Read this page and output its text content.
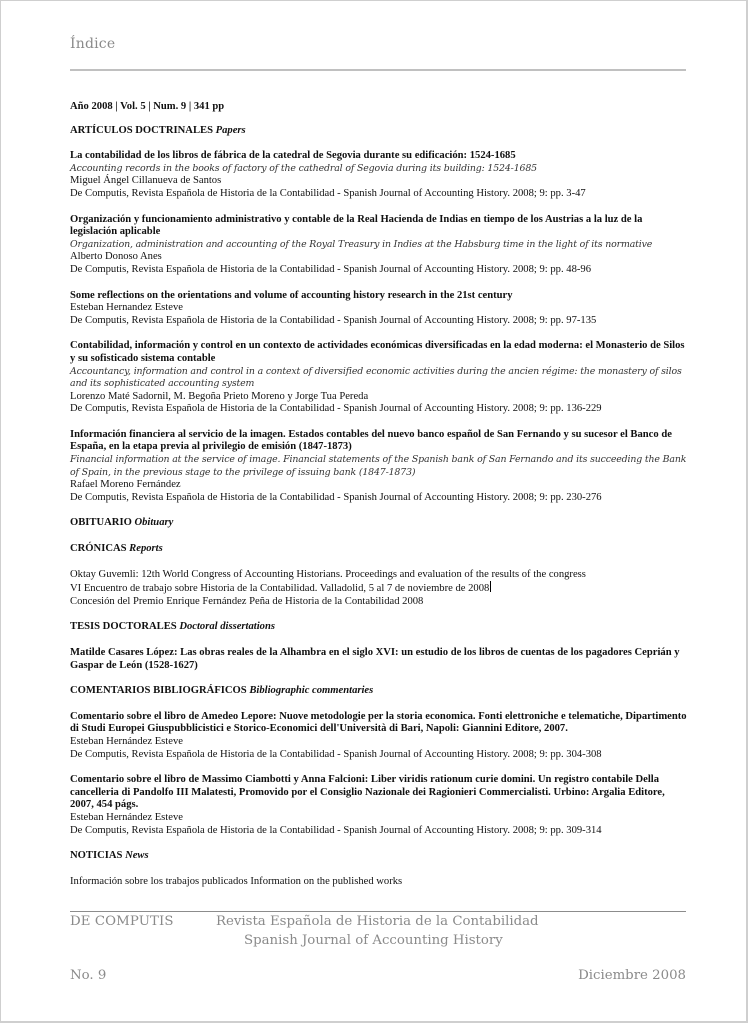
Índice
Año 2008 | Vol. 5 | Num. 9 | 341 pp
ARTÍCULOS DOCTRINALES Papers
La contabilidad de los libros de fábrica de la catedral de Segovia durante su edificación: 1524-1685
Accounting records in the books of factory of the cathedral of Segovia during its building: 1524-1685
Miguel Ángel Cillanueva de Santos
De Computis, Revista Española de Historia de la Contabilidad - Spanish Journal of Accounting History. 2008; 9: pp. 3-47
Organización y funcionamiento administrativo y contable de la Real Hacienda de Indias en tiempo de los Austrias a la luz de la legislación aplicable
Organization, administration and accounting of the Royal Treasury in Indies at the Habsburg time in the light of its normative
Alberto Donoso Anes
De Computis, Revista Española de Historia de la Contabilidad - Spanish Journal of Accounting History. 2008; 9: pp. 48-96
Some reflections on the orientations and volume of accounting history research in the 21st century
Esteban Hernandez Esteve
De Computis, Revista Española de Historia de la Contabilidad - Spanish Journal of Accounting History. 2008; 9: pp. 97-135
Contabilidad, información y control en un contexto de actividades económicas diversificadas en la edad moderna: el Monasterio de Silos y su sofisticado sistema contable
Accountancy, information and control in a context of diversified economic activities during the ancien régime: the monastery of silos and its sophisticated accounting system
Lorenzo Maté Sadornil, M. Begoña Prieto Moreno y Jorge Tua Pereda
De Computis, Revista Española de Historia de la Contabilidad - Spanish Journal of Accounting History. 2008; 9: pp. 136-229
Información financiera al servicio de la imagen. Estados contables del nuevo banco español de San Fernando y su sucesor el Banco de España, en la etapa previa al privilegio de emisión (1847-1873)
Financial information at the service of image. Financial statements of the Spanish bank of San Fernando and its succeeding the Bank of Spain, in the previous stage to the privilege of issuing bank (1847-1873)
Rafael Moreno Fernández
De Computis, Revista Española de Historia de la Contabilidad - Spanish Journal of Accounting History. 2008; 9: pp. 230-276
OBITUARIO Obituary
CRÓNICAS Reports
Oktay Guvemli: 12th World Congress of Accounting Historians. Proceedings and evaluation of the results of the congress
VI Encuentro de trabajo sobre Historia de la Contabilidad. Valladolid, 5 al 7 de noviembre de 2008
Concesión del Premio Enrique Fernández Peña de Historia de la Contabilidad 2008
TESIS DOCTORALES Doctoral dissertations
Matilde Casares López: Las obras reales de la Alhambra en el siglo XVI: un estudio de los libros de cuentas de los pagadores Ceprián y Gaspar de León (1528-1627)
COMENTARIOS BIBLIOGRÁFICOS Bibliographic commentaries
Comentario sobre el libro de Amedeo Lepore: Nuove metodologie per la storia economica. Fonti elettroniche e telematiche, Dipartimento di Studi Europei Giuspubblicistici e Storico-Economici dell'Università di Bari, Napoli: Giannini Editore, 2007.
Esteban Hernández Esteve
De Computis, Revista Española de Historia de la Contabilidad - Spanish Journal of Accounting History. 2008; 9: pp. 304-308
Comentario sobre el libro de Massimo Ciambotti y Anna Falcioni: Liber viridis rationum curie domini. Un registro contabile Della cancelleria di Pandolfo III Malatesti, Promovido por el Consiglio Nazionale dei Ragionieri Commercialisti. Urbino: Argalia Editore, 2007, 454 págs.
Esteban Hernández Esteve
De Computis, Revista Española de Historia de la Contabilidad - Spanish Journal of Accounting History. 2008; 9: pp. 309-314
NOTICIAS News
Información sobre los trabajos publicados Information on the published works
DE COMPUTIS	Revista Española de Historia de la Contabilidad
Spanish Journal of Accounting History
No. 9	Diciembre 2008
